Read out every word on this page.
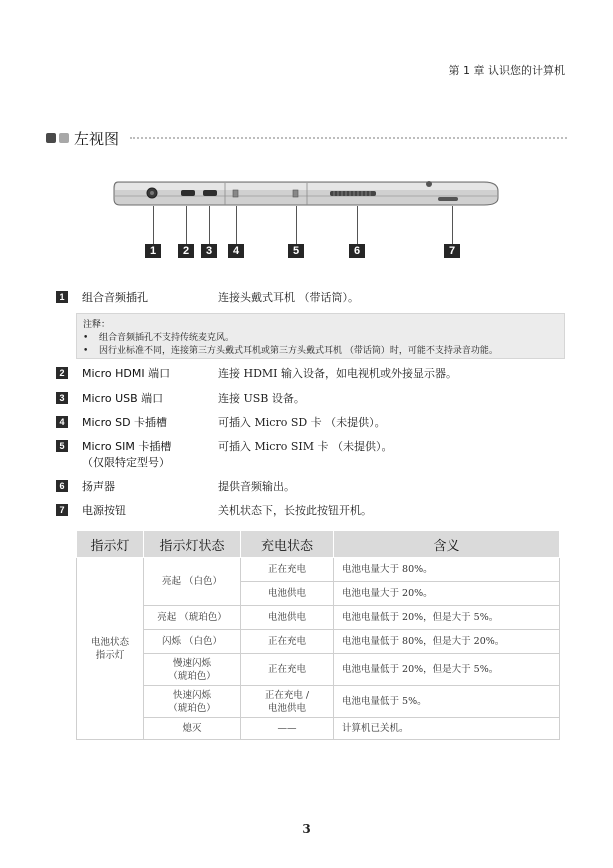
第 1 章 认识您的计算机
左视图
1	2	3	4	5	6	7
1	组合音频插孔	连接头戴式耳机 （带话筒）。
2	Micro HDMI 端口	连接 HDMI 输入设备，如电视机或外接显示器。
3	Micro USB 端口	连接 USB 设备。
4	Micro SD 卡插槽	可插入 Micro SD 卡 （未提供）。
5	Micro SIM 卡插槽
（仅限特定型号）
可插入 Micro SIM 卡 （未提供）。
6	扬声器	提供音频输出。
7	电源按钮	关机状态下，长按此按钮开机。
注释：
• 组合音频插孔不支持传统麦克风。
• 因行业标准不同，连接第三方头戴式耳机或第三方头戴式耳机 （带话筒）时，可能不支持录音功能。
指示灯	指示灯状态	充电状态	含义
电池状态
指示灯	亮起 （白色）	正在充电	电池电量大于 80%。
		电池供电	电池电量大于 20%。
	亮起 （琥珀色）	电池供电	电池电量低于 20%，但是大于 5%。
	闪烁 （白色）	正在充电	电池电量低于 80%，但是大于 20%。
	慢速闪烁
（琥珀色）	正在充电	电池电量低于 20%，但是大于 5%。
	快速闪烁
（琥珀色）	正在充电 /
电池供电	电池电量低于 5%。
	熄灭	——	计算机已关机。
3
